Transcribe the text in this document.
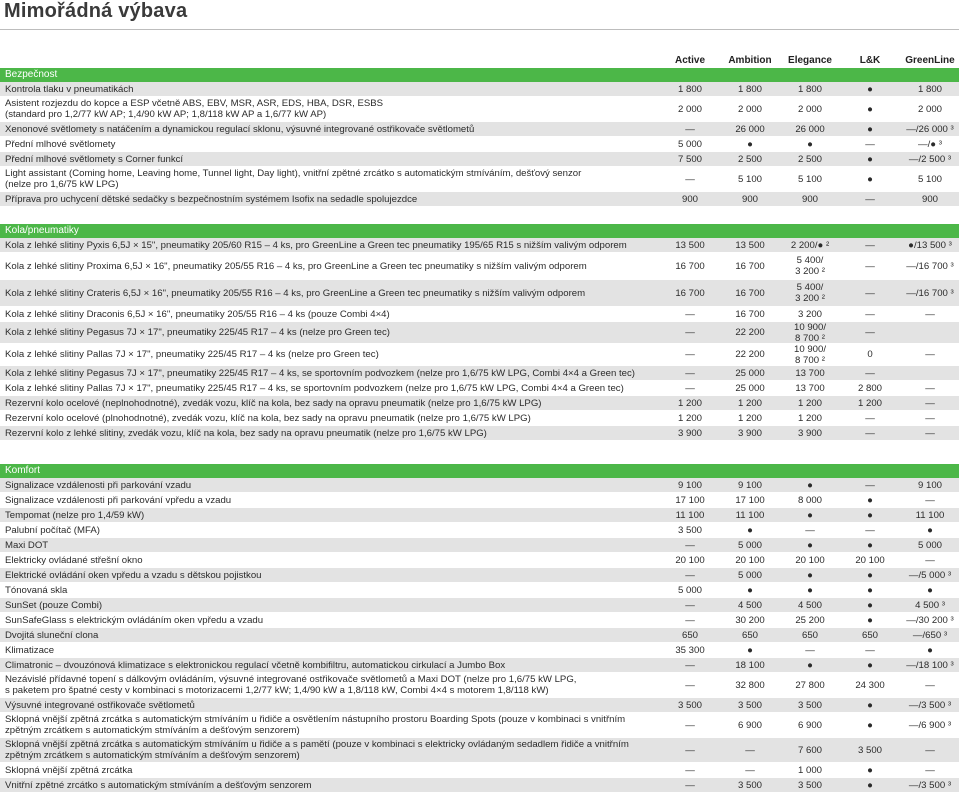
Mimořádná výbava
Active	Ambition	Elegance	L&K	GreenLine
Bezpečnost
Kontrola tlaku v pneumatikách	1 800	1 800	1 800	●	1 800
Asistent rozjezdu do kopce a ESP včetně ABS, EBV, MSR, ASR, EDS, HBA, DSR, ESBS
(standard pro 1,2/77 kW AP; 1,4/90 kW AP; 1,8/118 kW AP a 1,6/77 kW AP)	2 000	2 000	2 000	●	2 000
Xenonové světlomety s natáčením a dynamickou regulací sklonu, výsuvné integrované ostřikovače světlometů	—	26 000	26 000	●	—/26 000 ³
Přední mlhové světlomety	5 000	●	●	—	—/● ³
Přední mlhové světlomety s Corner funkcí	7 500	2 500	2 500	●	—/2 500 ³
Light assistant (Coming home, Leaving home, Tunnel light, Day light), vnitřní zpětné zrcátko s automatickým stmíváním, dešťový senzor
(nelze pro 1,6/75 kW LPG)	—	5 100	5 100	●	5 100
Příprava pro uchycení dětské sedačky s bezpečnostním systémem Isofix na sedadle spolujezdce	900	900	900	—	900
Kola/pneumatiky
Kola z lehké slitiny Pyxis 6,5J × 15", pneumatiky 205/60 R15 – 4 ks, pro GreenLine a Green tec pneumatiky 195/65 R15 s nižším valivým odporem	13 500	13 500	2 200/● ²	—	●/13 500 ³
Kola z lehké slitiny Proxima 6,5J × 16", pneumatiky 205/55 R16 – 4 ks, pro GreenLine a Green tec pneumatiky s nižším valivým odporem	16 700	16 700	5 400/
3 200 ²	—	—/16 700 ³
Kola z lehké slitiny Crateris 6,5J × 16", pneumatiky 205/55 R16 – 4 ks, pro GreenLine a Green tec pneumatiky s nižším valivým odporem	16 700	16 700	5 400/
3 200 ²	—	—/16 700 ³
Kola z lehké slitiny Draconis 6,5J × 16", pneumatiky 205/55 R16 – 4 ks (pouze Combi 4×4)	—	16 700	3 200	—	—
Kola z lehké slitiny Pegasus 7J × 17", pneumatiky 225/45 R17 – 4 ks (nelze pro Green tec)	—	22 200	10 900/
8 700 ²	—
Kola z lehké slitiny Pallas 7J × 17", pneumatiky 225/45 R17 – 4 ks (nelze pro Green tec)	—	22 200	10 900/
8 700 ²	0	—
Kola z lehké slitiny Pegasus 7J × 17", pneumatiky 225/45 R17 – 4 ks, se sportovním podvozkem (nelze pro 1,6/75 kW LPG, Combi 4×4 a Green tec)	—	25 000	13 700	—
Kola z lehké slitiny Pallas 7J × 17", pneumatiky 225/45 R17 – 4 ks, se sportovním podvozkem (nelze pro 1,6/75 kW LPG, Combi 4×4 a Green tec)	—	25 000	13 700	2 800	—
Rezervní kolo ocelové (neplnohodnotné), zvedák vozu, klíč na kola, bez sady na opravu pneumatik (nelze pro 1,6/75 kW LPG)	1 200	1 200	1 200	1 200	—
Rezervní kolo ocelové (plnohodnotné), zvedák vozu, klíč na kola, bez sady na opravu pneumatik (nelze pro 1,6/75 kW LPG)	1 200	1 200	1 200	—	—
Rezervní kolo z lehké slitiny, zvedák vozu, klíč na kola, bez sady na opravu pneumatik (nelze pro 1,6/75 kW LPG)	3 900	3 900	3 900	—	—
Komfort
Signalizace vzdálenosti při parkování vzadu	9 100	9 100	●	—	9 100
Signalizace vzdálenosti při parkování vpředu a vzadu	17 100	17 100	8 000	●	—
Tempomat (nelze pro 1,4/59 kW)	11 100	11 100	●	●	11 100
Palubní počítač (MFA)	3 500	●	—	—	●
Maxi DOT	—	5 000	●	●	5 000
Elektricky ovládané střešní okno	20 100	20 100	20 100	20 100	—
Elektrické ovládání oken vpředu a vzadu s dětskou pojistkou	—	5 000	●	●	—/5 000 ³
Tónovaná skla	5 000	●	●	●	●
SunSet (pouze Combi)	—	4 500	4 500	●	4 500 ³
SunSafeGlass s elektrickým ovládáním oken vpředu a vzadu	—	30 200	25 200	●	—/30 200 ³
Dvojitá sluneční clona	650	650	650	650	—/650 ³
Klimatizace	35 300	●	—	—	●
Climatronic – dvouzónová klimatizace s elektronickou regulací včetně kombifiltru, automatickou cirkulací a Jumbo Box	—	18 100	●	●	—/18 100 ³
Nezávislé přídavné topení s dálkovým ovládáním, výsuvné integrované ostřikovače světlometů a Maxi DOT (nelze pro 1,6/75 kW LPG,
s paketem pro špatné cesty v kombinaci s motorizacemi 1,2/77 kW; 1,4/90 kW a 1,8/118 kW, Combi 4×4 s motorem 1,8/118 kW)	—	32 800	27 800	24 300	—
Výsuvné integrované ostřikovače světlometů	3 500	3 500	3 500	●	—/3 500 ³
Sklopná vnější zpětná zrcátka s automatickým stmíváním u řidiče a osvětlením nástupního prostoru Boarding Spots (pouze v kombinaci s vnitřním
zpětným zrcátkem s automatickým stmíváním a dešťovým senzorem)	—	6 900	6 900	●	—/6 900 ³
Sklopná vnější zpětná zrcátka s automatickým stmíváním u řidiče a s pamětí (pouze v kombinaci s elektricky ovládaným sedadlem řidiče a vnitřním
zpětným zrcátkem s automatickým stmíváním a dešťovým senzorem)	—	—	7 600	3 500	—
Sklopná vnější zpětná zrcátka	—	—	1 000	●	—
Vnitřní zpětné zrcátko s automatickým stmíváním a dešťovým senzorem	—	3 500	3 500	●	—/3 500 ³
